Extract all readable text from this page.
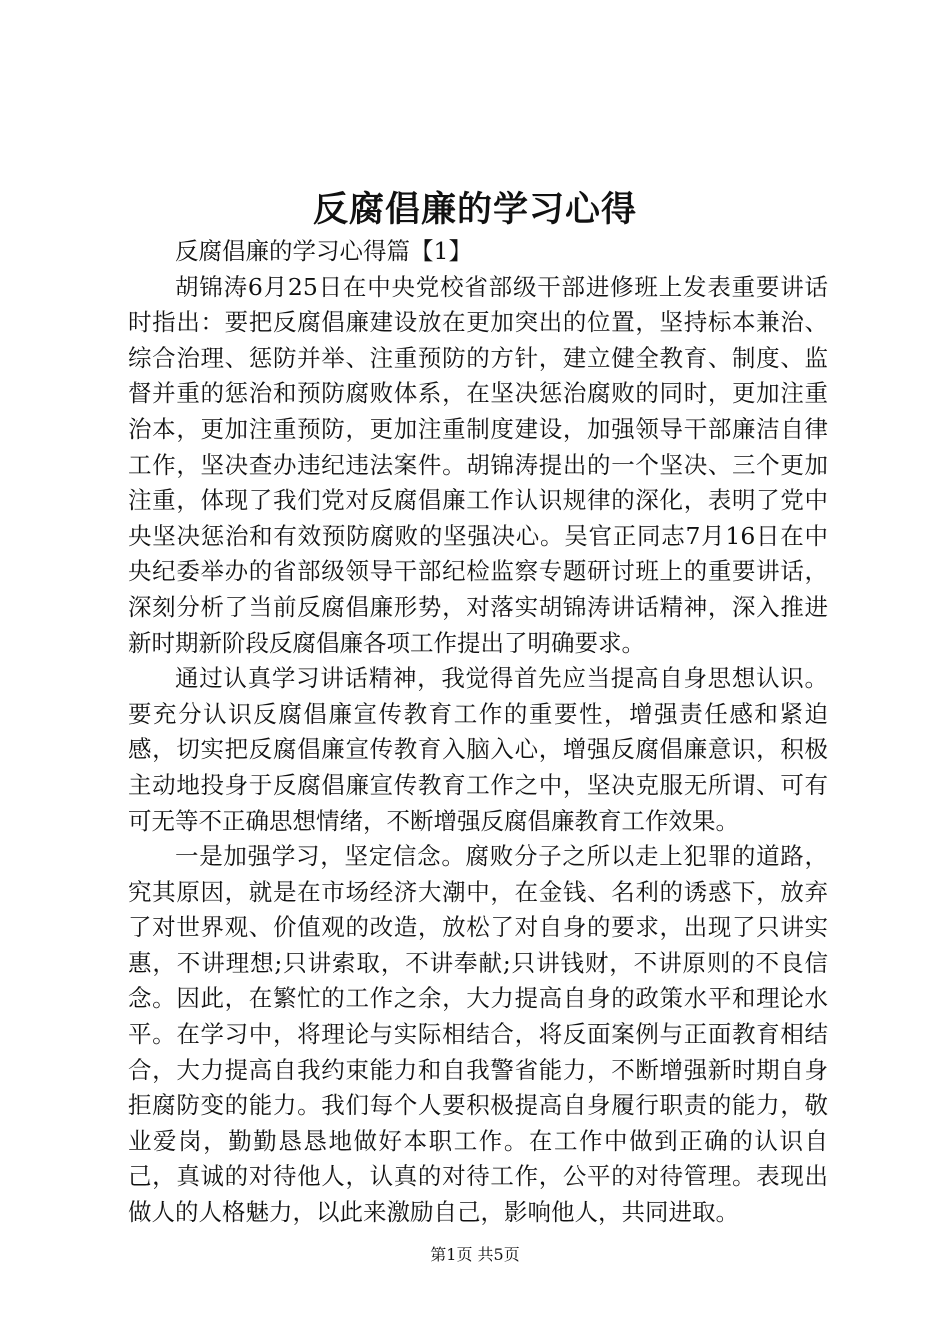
反腐倡廉的学习心得

反腐倡廉的学习心得篇【1】

胡锦涛6月25日在中央党校省部级干部进修班上发表重要讲话时指出：要把反腐倡廉建设放在更加突出的位置，坚持标本兼治、综合治理、惩防并举、注重预防的方针，建立健全教育、制度、监督并重的惩治和预防腐败体系，在坚决惩治腐败的同时，更加注重治本，更加注重预防，更加注重制度建设，加强领导干部廉洁自律工作，坚决查办违纪违法案件。胡锦涛提出的一个坚决、三个更加注重，体现了我们党对反腐倡廉工作认识规律的深化，表明了党中央坚决惩治和有效预防腐败的坚强决心。吴官正同志7月16日在中央纪委举办的省部级领导干部纪检监察专题研讨班上的重要讲话，深刻分析了当前反腐倡廉形势，对落实胡锦涛讲话精神，深入推进新时期新阶段反腐倡廉各项工作提出了明确要求。

通过认真学习讲话精神，我觉得首先应当提高自身思想认识。要充分认识反腐倡廉宣传教育工作的重要性，增强责任感和紧迫感，切实把反腐倡廉宣传教育入脑入心，增强反腐倡廉意识，积极主动地投身于反腐倡廉宣传教育工作之中，坚决克服无所谓、可有可无等不正确思想情绪，不断增强反腐倡廉教育工作效果。

一是加强学习，坚定信念。腐败分子之所以走上犯罪的道路，究其原因，就是在市场经济大潮中，在金钱、名利的诱惑下，放弃了对世界观、价值观的改造，放松了对自身的要求，出现了只讲实惠，不讲理想;只讲索取，不讲奉献;只讲钱财，不讲原则的不良信念。因此，在繁忙的工作之余，大力提高自身的政策水平和理论水平。在学习中，将理论与实际相结合，将反面案例与正面教育相结合，大力提高自我约束能力和自我警省能力，不断增强新时期自身拒腐防变的能力。我们每个人要积极提高自身履行职责的能力，敬业爱岗，勤勤恳恳地做好本职工作。在工作中做到正确的认识自己，真诚的对待他人，认真的对待工作，公平的对待管理。表现出做人的人格魅力，以此来激励自己，影响他人，共同进取。

第1页 共5页
